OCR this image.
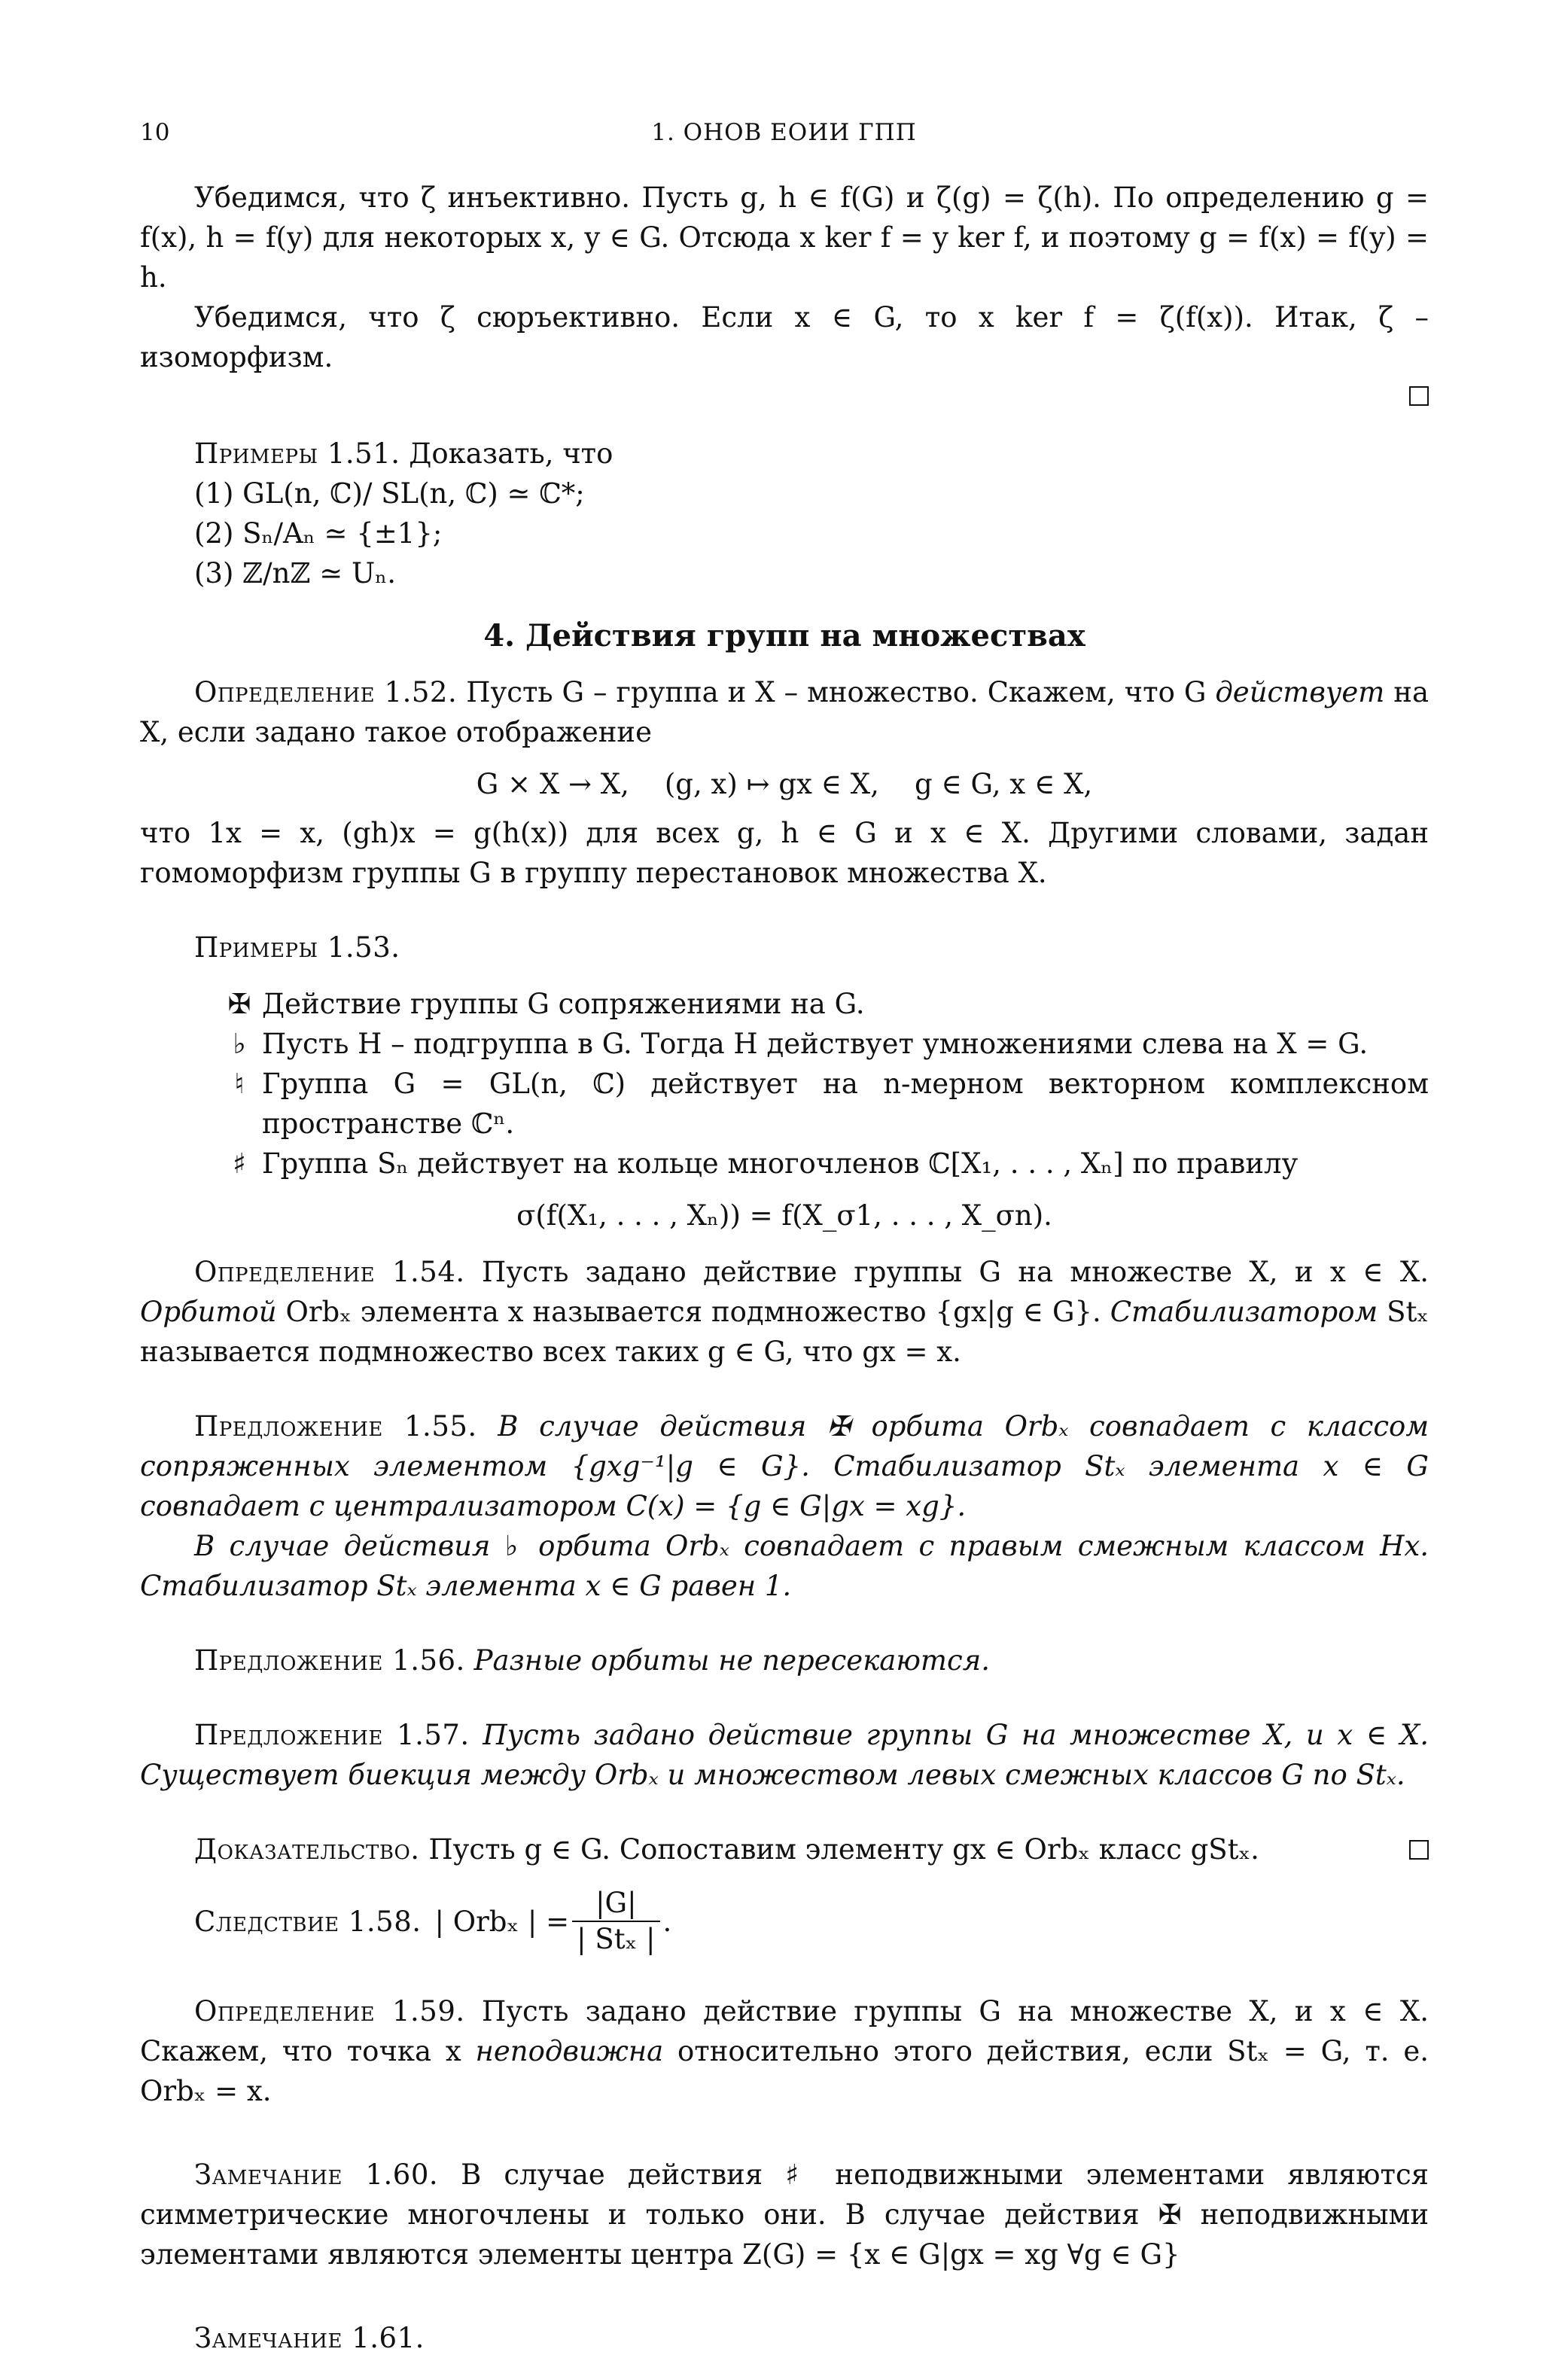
10	1. ОНОВ ЕОИИ ГПП

Убедимся, что ζ инъективно. Пусть g, h ∈ f(G) и ζ(g) = ζ(h). По определению g = f(x), h = f(y) для некоторых x, y ∈ G. Отсюда x ker f = y ker f, и поэтому g = f(x) = f(y) = h.

Убедимся, что ζ сюръективно. Если x ∈ G, то x ker f = ζ(f(x)). Итак, ζ – изоморфизм.

Примеры 1.51. Доказать, что

(1) GL(n, ℂ)/ SL(n, ℂ) ≃ ℂ*;
(2) Sₙ/Aₙ ≃ {±1};
(3) ℤ/nℤ ≃ Uₙ.
4. Действия групп на множествах

Определение 1.52. Пусть G – группа и X – множество. Скажем, что G действует на X, если задано такое отображение

G × X → X,    (g, x) ↦ gx ∈ X,    g ∈ G, x ∈ X,

что 1x = x, (gh)x = g(h(x)) для всех g, h ∈ G и x ∈ X. Другими словами, задан гомоморфизм группы G в группу перестановок множества X.

Примеры 1.53.

✠ Действие группы G сопряжениями на G.
♭ Пусть H – подгруппа в G. Тогда H действует умножениями слева на X = G.
♮ Группа G = GL(n, ℂ) действует на n-мерном векторном комплексном пространстве ℂⁿ.
♯ Группа Sₙ действует на кольце многочленов ℂ[X₁, . . . , Xₙ] по правилу
σ(f(X₁, . . . , Xₙ)) = f(X_σ1, . . . , X_σn).

Определение 1.54. Пусть задано действие группы G на множестве X, и x ∈ X. Орбитой Orbₓ элемента x называется подмножество {gx|g ∈ G}. Стабилизатором Stₓ называется подмножество всех таких g ∈ G, что gx = x.

Предложение 1.55. В случае действия ✠ орбита Orbₓ совпадает с классом сопряженных элементом {gxg⁻¹|g ∈ G}. Стабилизатор Stₓ элемента x ∈ G совпадает с централизатором C(x) = {g ∈ G|gx = xg}.

В случае действия ♭ орбита Orbₓ совпадает с правым смежным классом Hx. Стабилизатор Stₓ элемента x ∈ G равен 1.

Предложение 1.56. Разные орбиты не пересекаются.

Предложение 1.57. Пусть задано действие группы G на множестве X, и x ∈ X. Существует биекция между Orbₓ и множеством левых смежных классов G по Stₓ.

Доказательство. Пусть g ∈ G. Сопоставим элементу gx ∈ Orbₓ класс gStₓ.

Следствие 1.58. | Orbₓ | = $\frac{|G|}{\text{| Stₓ |}}$ .

Определение 1.59. Пусть задано действие группы G на множестве X, и x ∈ X. Скажем, что точка x неподвижна относительно этого действия, если Stₓ = G, т. е. Orbₓ = x.

Замечание 1.60. В случае действия ♯ неподвижными элементами являются симметрические многочлены и только они. В случае действия ✠ неподвижными элементами являются элементы центра Z(G) = {x ∈ G|gx = xg ∀g ∈ G}

Замечание 1.61.
